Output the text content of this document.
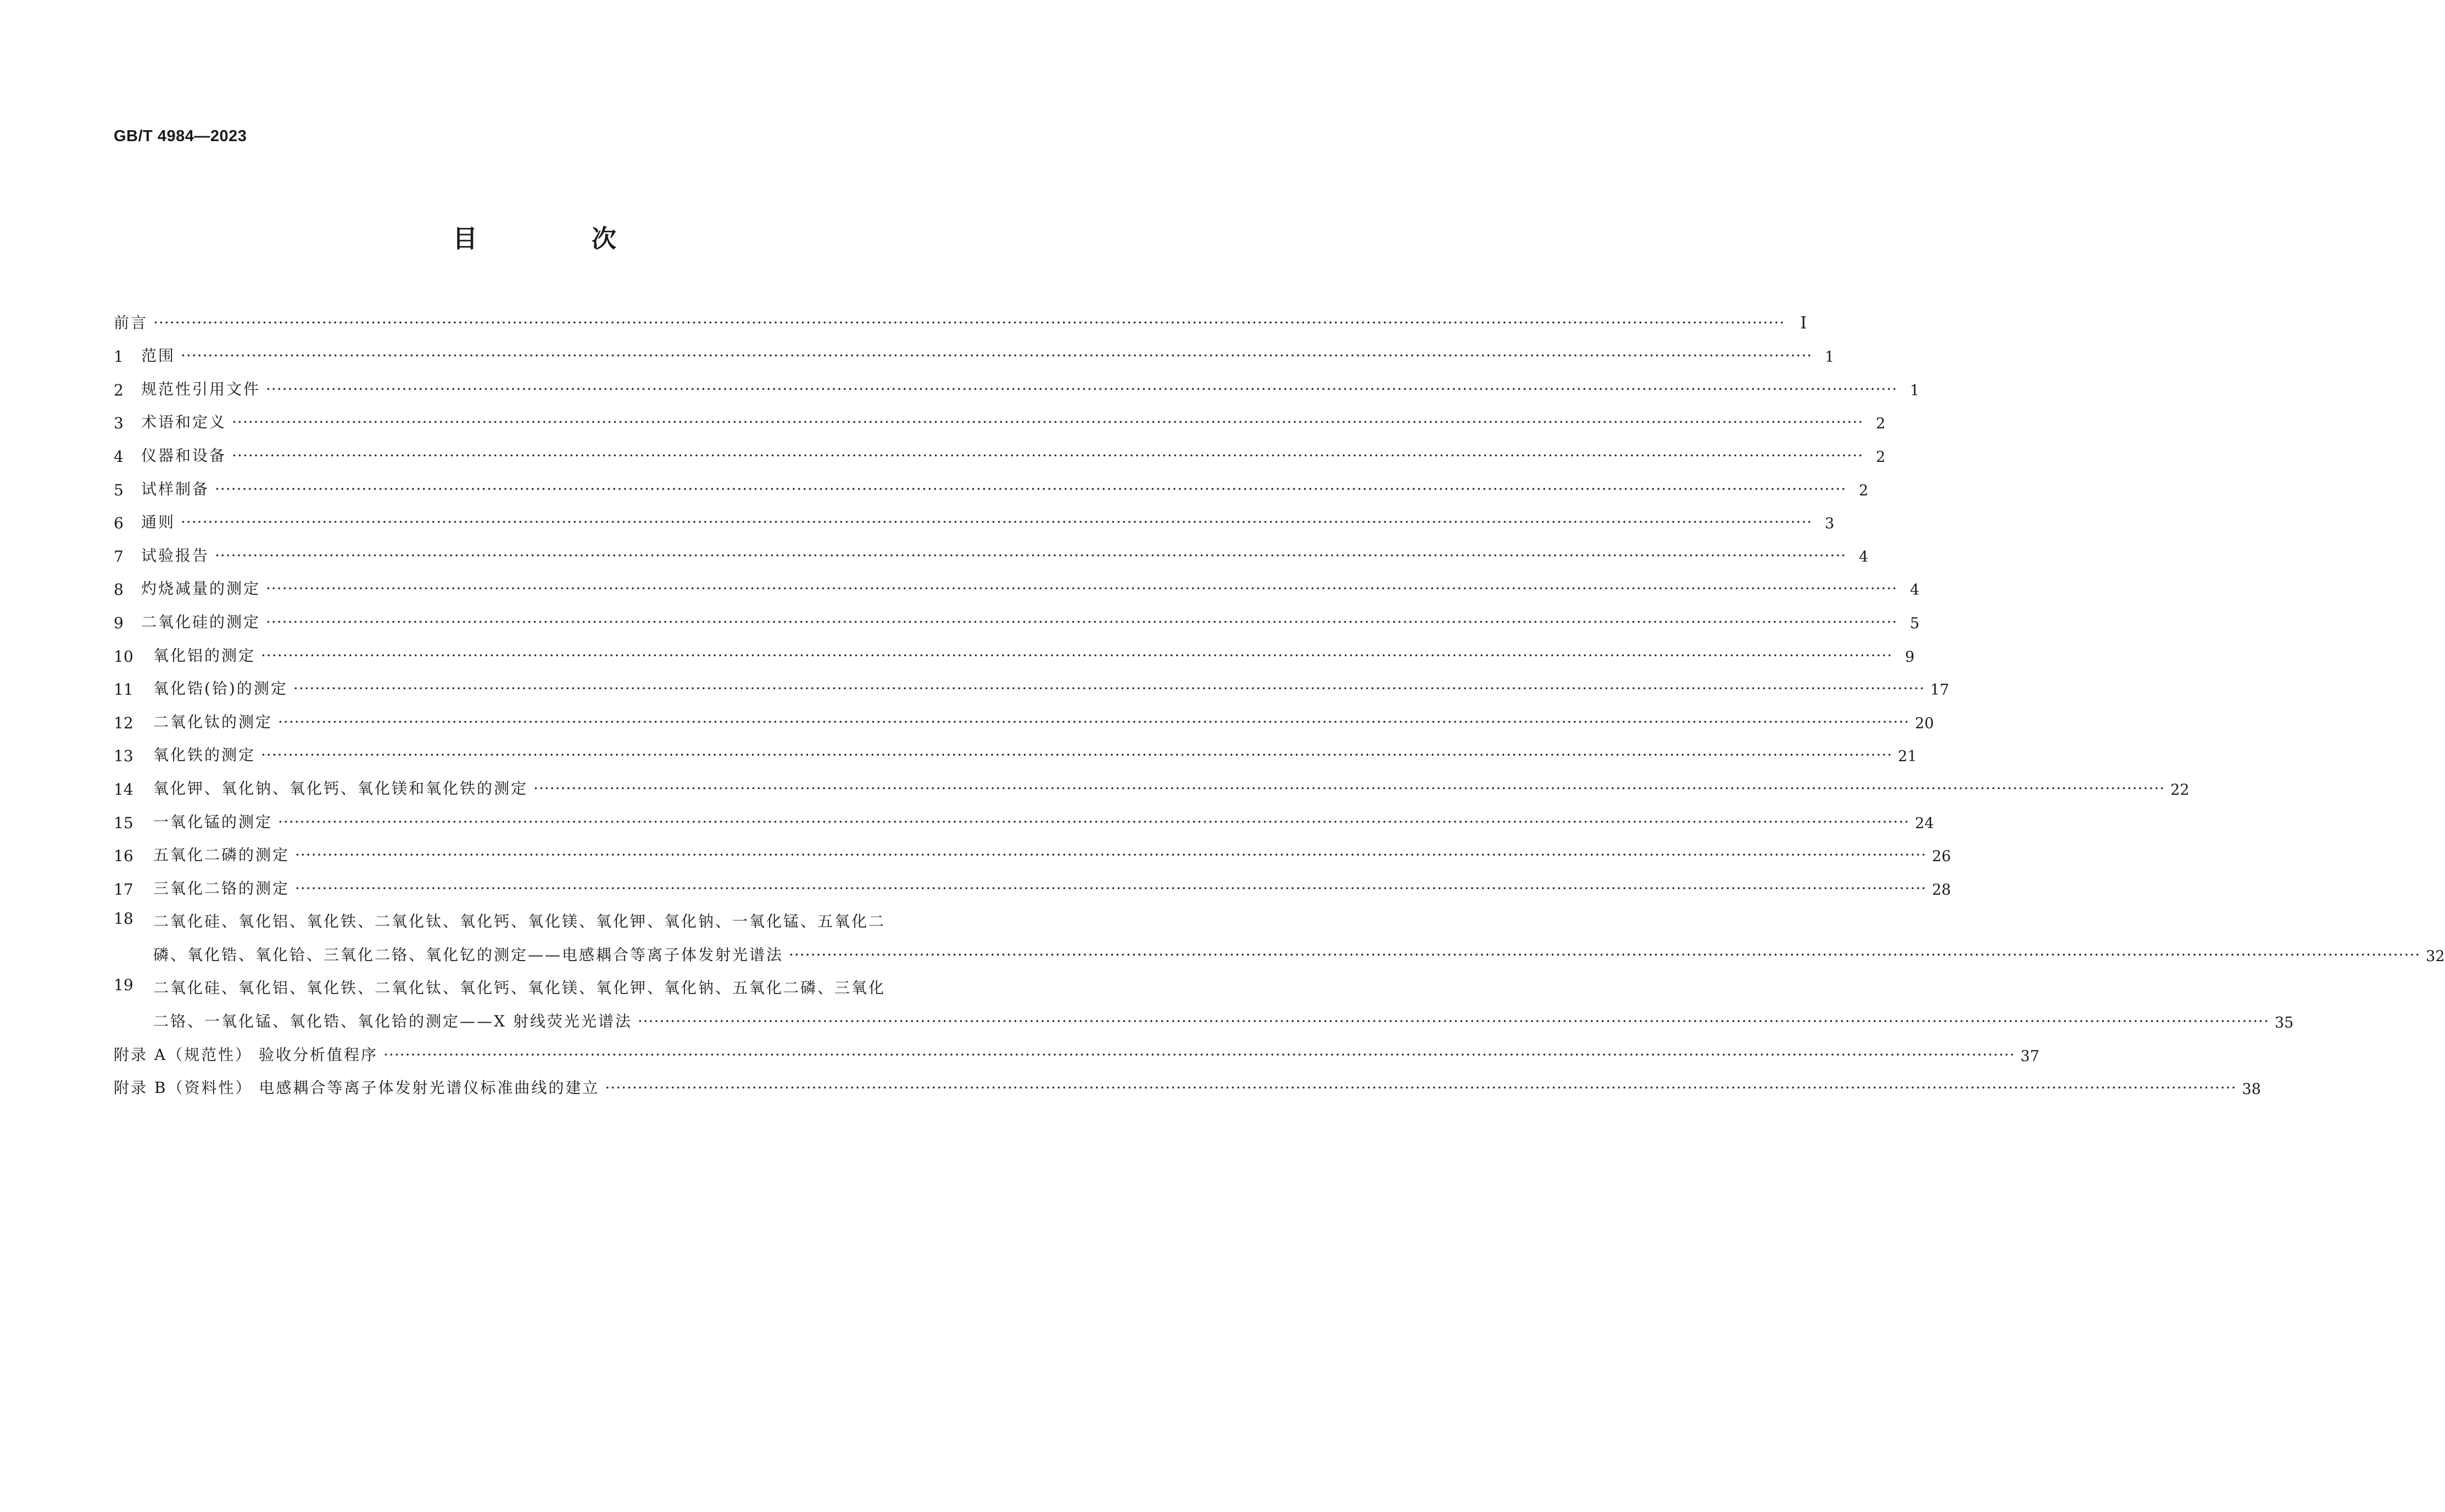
GB/T 4984—2023
目 次
前言 ············································································································································································································································································································ I
1	范围 ············································································································································································································································································································ 1
2	规范性引用文件 ············································································································································································································································································································ 1
3	术语和定义 ············································································································································································································································································································ 2
4	仪器和设备 ············································································································································································································································································································ 2
5	试样制备 ············································································································································································································································································································ 2
6	通则 ············································································································································································································································································································ 3
7	试验报告 ············································································································································································································································································································ 4
8	灼烧减量的测定 ············································································································································································································································································································ 4
9	二氧化硅的测定 ············································································································································································································································································································ 5
10	氧化铝的测定 ············································································································································································································································································································ 9
11	氧化锆(铪)的测定 ············································································································································································································································································································ 17
12	二氧化钛的测定 ············································································································································································································································································································ 20
13	氧化铁的测定 ············································································································································································································································································································ 21
14	氧化钾、氧化钠、氧化钙、氧化镁和氧化铁的测定 ············································································································································································································································································································ 22
15	一氧化锰的测定 ············································································································································································································································································································ 24
16	五氧化二磷的测定 ············································································································································································································································································································ 26
17	三氧化二铬的测定 ············································································································································································································································································································ 28
18	二氧化硅、氧化铝、氧化铁、二氧化钛、氧化钙、氧化镁、氧化钾、氧化钠、一氧化锰、五氧化二
磷、氧化锆、氧化铪、三氧化二铬、氧化钇的测定——电感耦合等离子体发射光谱法 ············································································································································································································································································································ 32
19	二氧化硅、氧化铝、氧化铁、二氧化钛、氧化钙、氧化镁、氧化钾、氧化钠、五氧化二磷、三氧化
二铬、一氧化锰、氧化锆、氧化铪的测定——X 射线荧光光谱法 ············································································································································································································································································································ 35
附录 A（规范性） 验收分析值程序 ············································································································································································································································································································ 37
附录 B（资料性） 电感耦合等离子体发射光谱仪标准曲线的建立 ············································································································································································································································································································ 38
